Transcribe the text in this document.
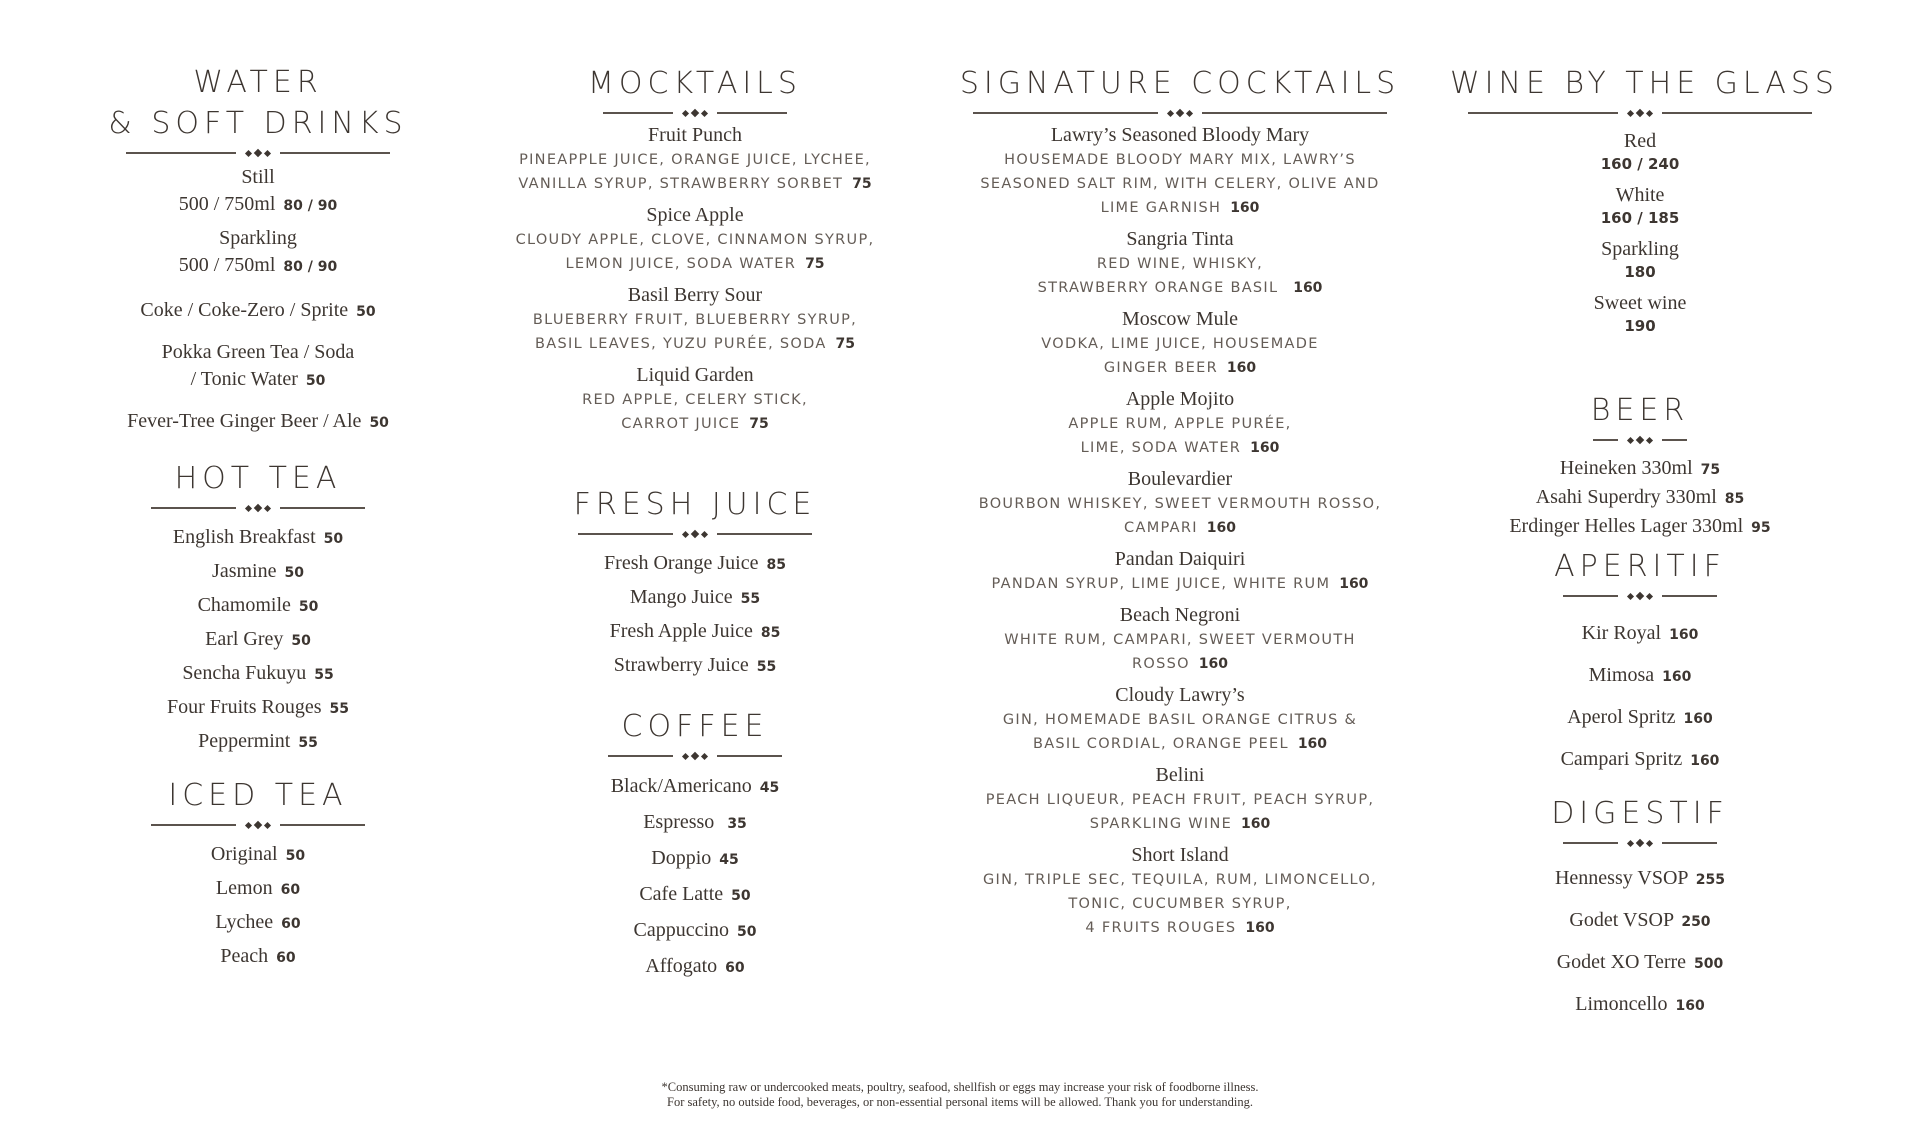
WATER
& SOFT DRINKS
Still
500 / 750ml 80 / 90
Sparkling
500 / 750ml 80 / 90
Coke / Coke-Zero / Sprite 50
Pokka Green Tea / Soda
/ Tonic Water 50
Fever-Tree Ginger Beer / Ale 50
HOT TEA
English Breakfast 50
Jasmine 50
Chamomile 50
Earl Grey 50
Sencha Fukuyu 55
Four Fruits Rouges 55
Peppermint 55
ICED TEA
Original 50
Lemon 60
Lychee 60
Peach 60
MOCKTAILS
Fruit Punch
PINEAPPLE JUICE, ORANGE JUICE, LYCHEE,
VANILLA SYRUP, STRAWBERRY SORBET 75
Spice Apple
CLOUDY APPLE, CLOVE, CINNAMON SYRUP,
LEMON JUICE, SODA WATER 75
Basil Berry Sour
BLUEBERRY FRUIT, BLUEBERRY SYRUP,
BASIL LEAVES, YUZU PURÉE, SODA 75
Liquid Garden
RED APPLE, CELERY STICK,
CARROT JUICE 75
FRESH JUICE
Fresh Orange Juice 85
Mango Juice 55
Fresh Apple Juice 85
Strawberry Juice 55
COFFEE
Black/Americano 45
Espresso 35
Doppio 45
Cafe Latte 50
Cappuccino 50
Affogato 60
SIGNATURE COCKTAILS
Lawry’s Seasoned Bloody Mary
HOUSEMADE BLOODY MARY MIX, LAWRY’S
SEASONED SALT RIM, WITH CELERY, OLIVE AND
LIME GARNISH 160
Sangria Tinta
RED WINE, WHISKY,
STRAWBERRY ORANGE BASIL 160
Moscow Mule
VODKA, LIME JUICE, HOUSEMADE
GINGER BEER 160
Apple Mojito
APPLE RUM, APPLE PURÉE,
LIME, SODA WATER 160
Boulevardier
BOURBON WHISKEY, SWEET VERMOUTH ROSSO,
CAMPARI 160
Pandan Daiquiri
PANDAN SYRUP, LIME JUICE, WHITE RUM 160
Beach Negroni
WHITE RUM, CAMPARI, SWEET VERMOUTH
ROSSO 160
Cloudy Lawry’s
GIN, HOMEMADE BASIL ORANGE CITRUS &
BASIL CORDIAL, ORANGE PEEL 160
Belini
PEACH LIQUEUR, PEACH FRUIT, PEACH SYRUP,
SPARKLING WINE 160
Short Island
GIN, TRIPLE SEC, TEQUILA, RUM, LIMONCELLO,
TONIC, CUCUMBER SYRUP,
4 FRUITS ROUGES 160
WINE BY THE GLASS
Red
160 / 240
White
160 / 185
Sparkling
180
Sweet wine
190
BEER
Heineken 330ml 75
Asahi Superdry 330ml 85
Erdinger Helles Lager 330ml 95
APERITIF
Kir Royal 160
Mimosa 160
Aperol Spritz 160
Campari Spritz 160
DIGESTIF
Hennessy VSOP 255
Godet VSOP 250
Godet XO Terre 500
Limoncello 160
*Consuming raw or undercooked meats, poultry, seafood, shellfish or eggs may increase your risk of foodborne illness.
For safety, no outside food, beverages, or non-essential personal items will be allowed. Thank you for understanding.
